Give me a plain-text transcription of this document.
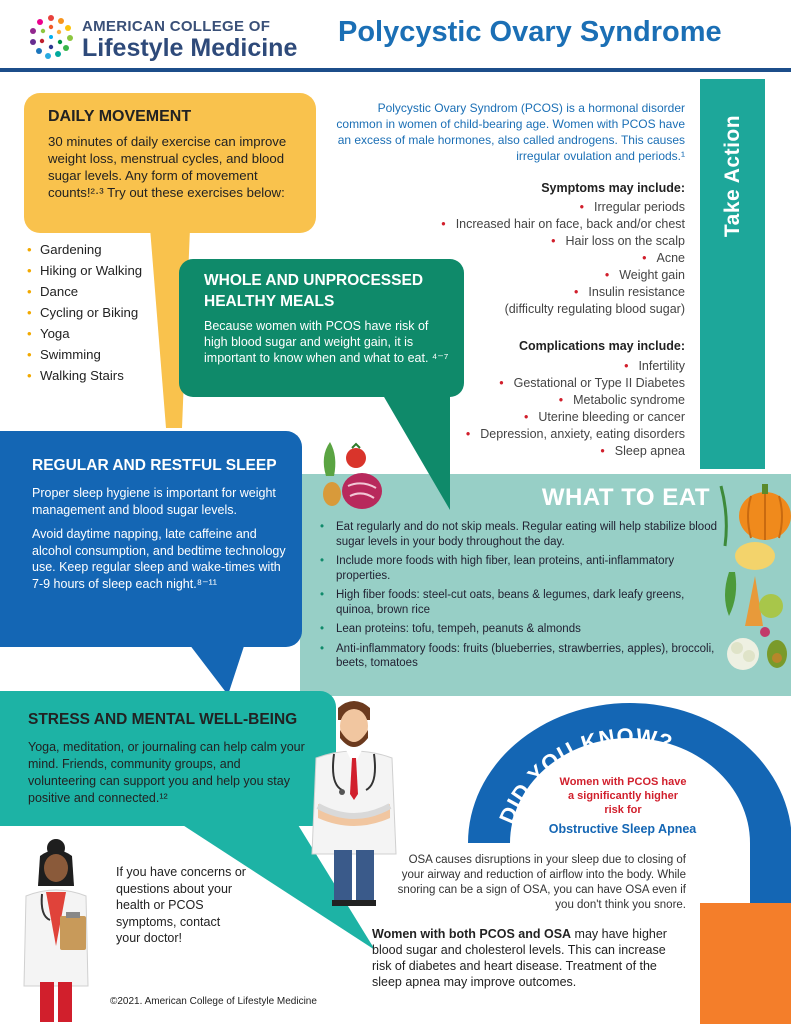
AMERICAN COLLEGE OF
Lifestyle Medicine Polycystic Ovary Syndrome
Take Action
DAILY MOVEMENT
30 minutes of daily exercise can improve weight loss, menstrual cycles, and blood sugar levels. Any form of movement counts!²·³ Try out these exercises below:
• Gardening
• Hiking or Walking
• Dance
• Cycling or Biking
• Yoga
• Swimming
• Walking Stairs
Polycystic Ovary Syndrom (PCOS) is a hormonal disorder common in women of child-bearing age. Women with PCOS have an excess of male hormones, also called androgens. This causes irregular ovulation and periods.¹
Symptoms may include:
• Irregular periods
• Increased hair on face, back and/or chest
• Hair loss on the scalp
• Acne
• Weight gain
• Insulin resistance
(difficulty regulating blood sugar)
Complications may include:
• Infertility
• Gestational or Type II Diabetes
• Metabolic syndrome
• Uterine bleeding or cancer
• Depression, anxiety, eating disorders
• Sleep apnea
WHOLE AND UNPROCESSED HEALTHY MEALS
Because women with PCOS have risk of high blood sugar and weight gain, it is important to know when and what to eat. ⁴⁻⁷
WHAT TO EAT
• Eat regularly and do not skip meals. Regular eating will help stabilize blood sugar levels in your body throughout the day.
• Include more foods with high fiber, lean proteins, anti-inflammatory properties.
• High fiber foods: steel-cut oats, beans & legumes, dark leafy greens, quinoa, brown rice
• Lean proteins: tofu, tempeh, peanuts & almonds
• Anti-inflammatory foods: fruits (blueberries, strawberries, apples), broccoli, beets, tomatoes
REGULAR AND RESTFUL SLEEP
Proper sleep hygiene is important for weight management and blood sugar levels.
Avoid daytime napping, late caffeine and alcohol consumption, and bedtime technology use. Keep regular sleep and wake-times with 7-9 hours of sleep each night.⁸⁻¹¹
STRESS AND MENTAL WELL-BEING
Yoga, meditation, or journaling can help calm your mind. Friends, community groups, and volunteering can support you and help you stay positive and connected.¹²
DID YOU KNOW?
Women with PCOS have a significantly higher risk for
Obstructive Sleep Apnea
OSA causes disruptions in your sleep due to closing of your airway and reduction of airflow into the body. While snoring can be a sign of OSA, you can have OSA even if you don't think you snore.
Women with both PCOS and OSA may have higher blood sugar and cholesterol levels. This can increase risk of diabetes and heart disease. Treatment of the sleep apnea may improve outcomes.
If you have concerns or questions about your health or PCOS symptoms, contact your doctor!
©2021. American College of Lifestyle Medicine
